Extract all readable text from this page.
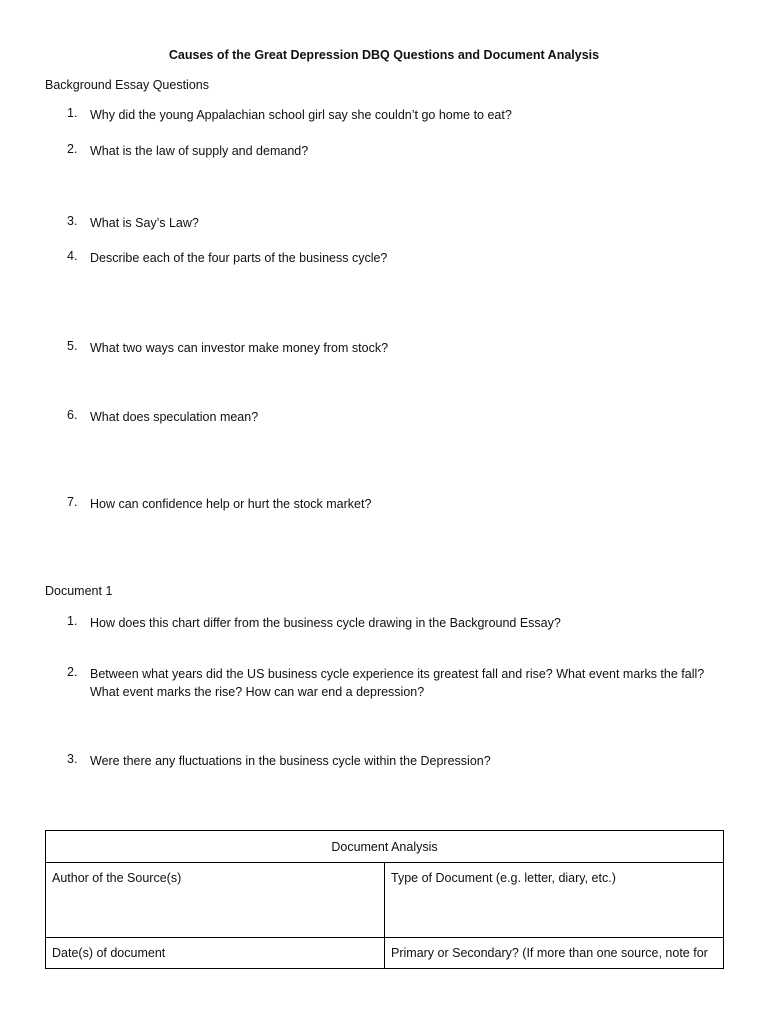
Causes of the Great Depression DBQ Questions and Document Analysis
Background Essay Questions
1.	Why did the young Appalachian school girl say she couldn’t go home to eat?
2.	What is the law of supply and demand?
3.	What is Say’s Law?
4.	Describe each of the four parts of the business cycle?
5.	What two ways can investor make money from stock?
6.	What does speculation mean?
7.	How can confidence help or hurt the stock market?
Document 1
1.	How does this chart differ from the business cycle drawing in the Background Essay?
2.	Between what years did the US business cycle experience its greatest fall and rise? What event marks the fall?
What event marks the rise? How can war end a depression?
3.	Were there any fluctuations in the business cycle within the Depression?
Document Analysis	
Author of the Source(s)	Type of Document (e.g. letter, diary, etc.)
Date(s) of document	Primary or Secondary? (If more than one source, note for
